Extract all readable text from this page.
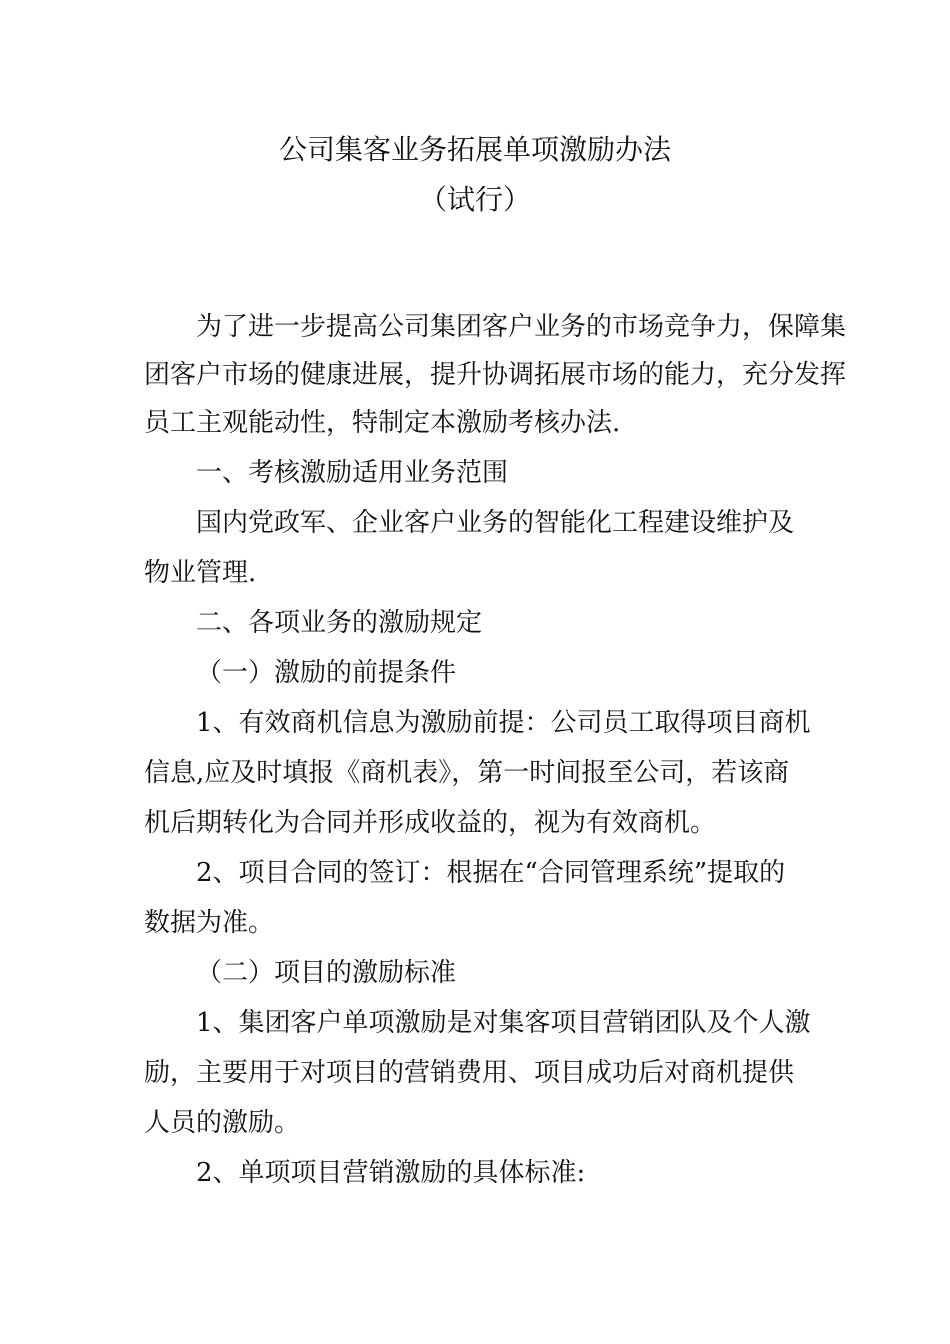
公司集客业务拓展单项激励办法
（试行）
为了进一步提高公司集团客户业务的市场竞争力，保障集
团客户市场的健康进展，提升协调拓展市场的能力，充分发挥
员工主观能动性，特制定本激励考核办法.
一、考核激励适用业务范围
国内党政军、企业客户业务的智能化工程建设维护及
物业管理.
二、各项业务的激励规定
（一）激励的前提条件
1、有效商机信息为激励前提：公司员工取得项目商机
信息,应及时填报《商机表》，第一时间报至公司，若该商
机后期转化为合同并形成收益的，视为有效商机。
2、项目合同的签订：根据在“合同管理系统”提取的
数据为准。
（二）项目的激励标准
1、集团客户单项激励是对集客项目营销团队及个人激
励，主要用于对项目的营销费用、项目成功后对商机提供
人员的激励。
2、单项项目营销激励的具体标准:
